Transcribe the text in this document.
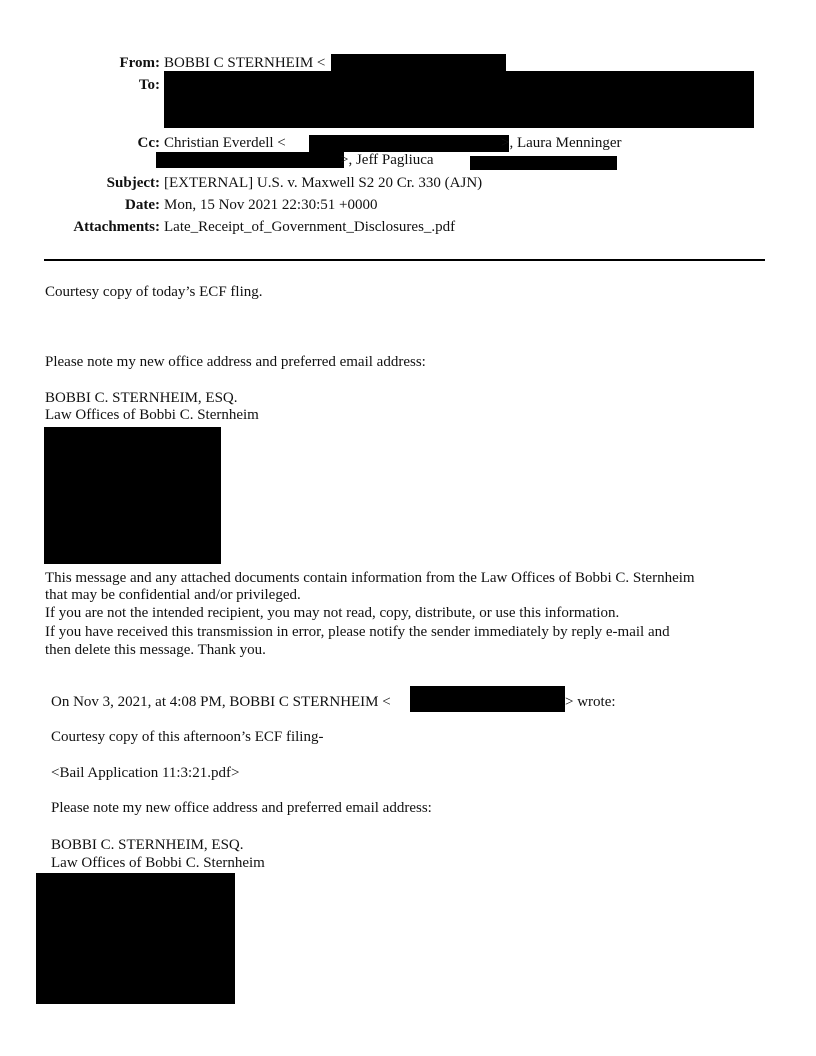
From: BOBBI C STERNHEIM <
To:
Cc: Christian Everdell <	>, Laura Menninger
>, Jeff Pagliuca
Subject: [EXTERNAL] U.S. v. Maxwell S2 20 Cr. 330 (AJN)
Date: Mon, 15 Nov 2021 22:30:51 +0000
Attachments: Late_Receipt_of_Government_Disclosures_.pdf
Courtesy copy of today’s ECF fling.
Please note my new office address and preferred email address:
BOBBI C. STERNHEIM, ESQ.
Law Offices of Bobbi C. Sternheim
This message and any attached documents contain information from the Law Offices of Bobbi C. Sternheim
that may be confidential and/or privileged.
If you are not the intended recipient, you may not read, copy, distribute, or use this information.
If you have received this transmission in error, please notify the sender immediately by reply e-mail and
then delete this message. Thank you.
On Nov 3, 2021, at 4:08 PM, BOBBI C STERNHEIM <	> wrote:
Courtesy copy of this afternoon’s ECF filing-
<Bail Application 11:3:21.pdf>
Please note my new office address and preferred email address:
BOBBI C. STERNHEIM, ESQ.
Law Offices of Bobbi C. Sternheim
